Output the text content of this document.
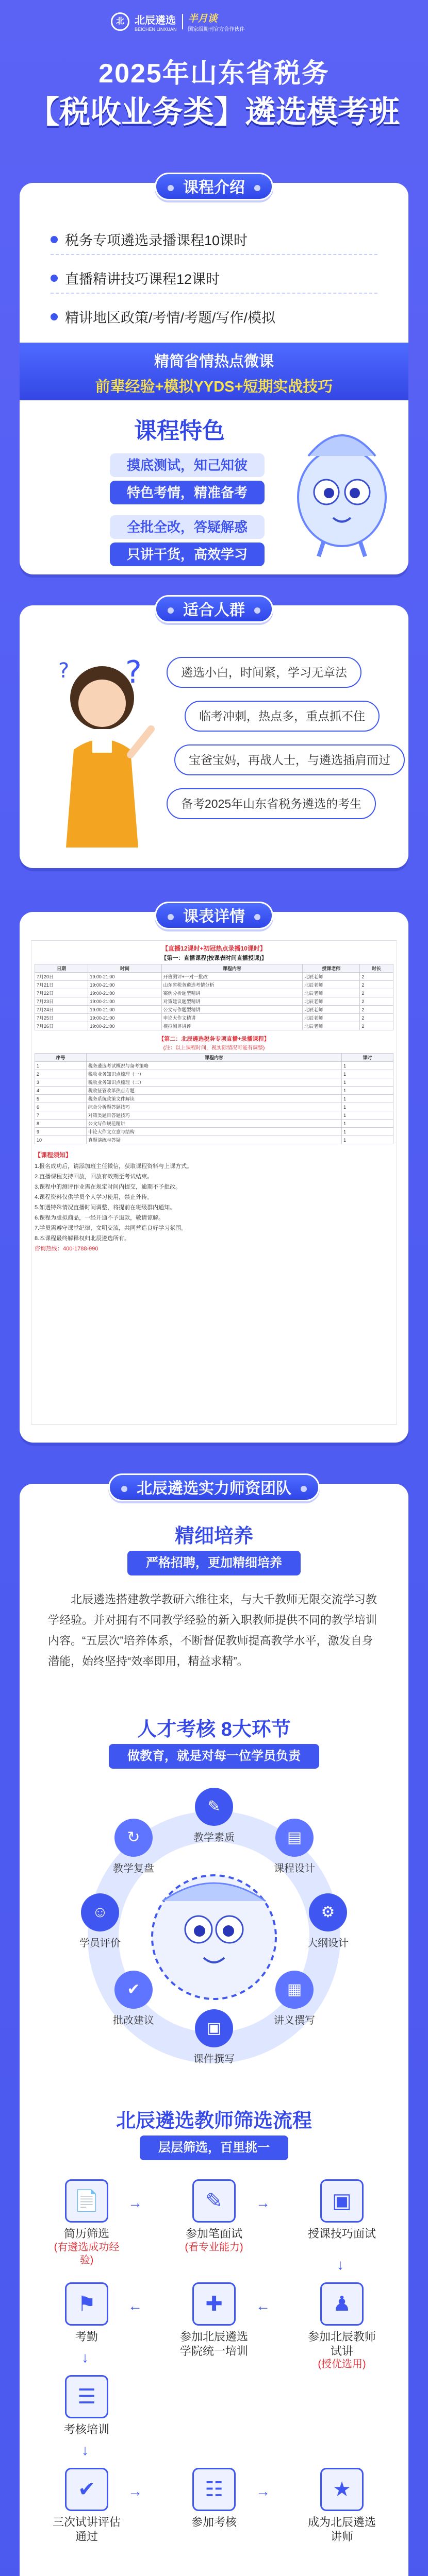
北	北辰遴选
BEICHEN LINXUAN
半月谈
国家级期刊官方合作伙伴
2025年山东省税务
【税收业务类】遴选模考班
课程介绍
税务专项遴选录播课程10课时
直播精讲技巧课程12课时
精讲地区政策/考情/考题/写作/模拟
精简省情热点微课
前辈经验+模拟YYDS+短期实战技巧
课程特色
摸底测试，知己知彼
特色考情，精准备考
全批全改，答疑解惑
只讲干货，高效学习
适合人群
?
?	遴选小白，时间紧，学习无章法
临考冲刺，热点多，重点抓不住
宝爸宝妈，再战人士，与遴选插肩而过
备考2025年山东省税务遴选的考生
课表详情
【直播12课时+初冠热点录播10课时】
【第一：直播课程(按课表时间直播授课)】
日期	时间	课程内容	授课老师	时长
7月20日	19:00-21:00	开班测评+一对一批改	北辰老师	2
7月21日	19:00-21:00	山东省税务遴选考情分析	北辰老师	2
7月22日	19:00-21:00	案例分析题型精讲	北辰老师	2
7月23日	19:00-21:00	对策建议题型精讲	北辰老师	2
7月24日	19:00-21:00	公文写作题型精讲	北辰老师	2
7月25日	19:00-21:00	申论大作文精讲	北辰老师	2
7月26日	19:00-21:00	模拟测评讲评	北辰老师	2
【第二：北辰遴选税务专项直播+录播课程】
(注：以上课程时间，视实际情况可能有调整)
序号	课程内容	课时
1	税务遴选考试概况与备考策略	1
2	税收业务知识点梳理（一）	1
3	税收业务知识点梳理（二）	1
4	税收征管改革热点专题	1
5	税务系统政策文件解读	1
6	综合分析题答题技巧	1
7	对策类题目答题技巧	1
8	公文写作规范精讲	1
9	申论大作文立意与结构	1
10	真题演练与答疑	1
【课程须知】
1.报名成功后，请添加班主任微信，获取课程资料与上课方式。
2.直播课程支持回放，回放有效期至考试结束。
3.课程中的测评作业需在规定时间内提交，逾期不予批改。
4.课程资料仅供学员个人学习使用，禁止外传。
5.如遇特殊情况直播时间调整，将提前在班级群内通知。
6.课程为虚拟商品，一经开通不予退款，敬请谅解。
7.学员需遵守课堂纪律，文明交流，共同营造良好学习氛围。
8.本课程最终解释权归北辰遴选所有。
咨询热线：400-1788-990
北辰遴选实力师资团队
精细培养
严格招聘，更加精细培养
北辰遴选搭建教学教研六维往来，与大千教师无限交流学习教学经验。并对拥有不同教学经验的新入职教师提供不同的教学培训内容。“五层次”培养体系，不断督促教师提高教学水平，激发自身潜能，始终坚持“效率即用，精益求精”。
人才考核 8大环节
做教育，就是对每一位学员负责
✎
教学素质	▤
课程设计
⚙
大纲设计
▦
讲义撰写
▣
课件撰写
✔
批改建议
☺
学员评价
↻
教学复盘
北辰遴选教师筛选流程
层层筛选，百里挑一
📄
简历筛选
(有遴选成功经验)
→	✎
参加笔面试
(看专业能力)
→	▣
授课技巧面试
↓
♟
参加北辰教师试讲
(授优选用)
←
✚
参加北辰遴选学院统一培训
←
⚑
考勤
↓
☰
考核培训
↓
✔
三次试讲评估通过
→	☷
参加考核
→	★
成为北辰遴选讲师
